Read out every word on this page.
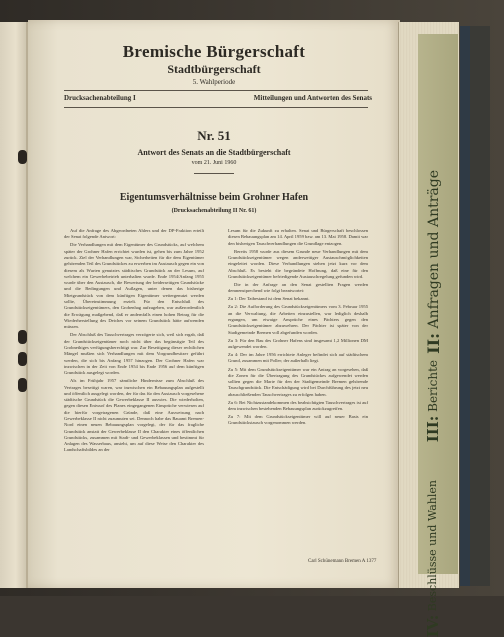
II: Anfragen und Anträge
III: Berichte
IV: Beschlüsse und Wahlen
Bremische Bürgerschaft
Stadtbürgerschaft
5. Wahlperiode
Drucksachenabteilung I	Mitteilungen und Antworten des Senats
Nr. 51
Antwort des Senats an die Stadtbürgerschaft
vom 21. Juni 1960
Eigentumsverhältnisse beim Grohner Hafen
(Drucksachenabteilung II Nr. 61)

Auf die Anfrage des Abgeordneten Ahlers und der DP-Fraktion erteilt der Senat folgende Antwort:

Die Verhandlungen mit dem Eigentümer des Grundstücks, auf welchem später der Grohner Hafen errichtet wurden ist, gehen bis zum Jahre 1952 zurück. Ziel der Verhandlungen war, Sicherheiten für die dem Eigentümer gehörenden Teil des Grundstückes zu erwerben im Austausch gegen ein von diesem als Wurten genutztes städtisches Grundstück an der Lesum, auf welchem ein Gewerbebetrieb unterhalten wurde. Ende 1954/Anfang 1955 wurde über den Austausch, die Bewertung der beiderseitigen Grundstücke und die Bedingungen und Auflagen, unter denen das bisherige Mietgrundstück von dem künftigen Eigentümer weitergenutzt werden sollte, Übereinstimmung erzielt. Für den Entschluß des Grundstückseigentümers, den Grobenhag aufzugeben, war außerordentlich die Erwägung maßgebend, daß er andernfalls einen hohen Betrag für die Wiederherstellung des Deiches vor seinem Grundstück hätte aufwenden müssen.

Der Abschluß des Tauschvertrages verzögerte sich, weil sich ergab, daß der Grundstückseigentümer noch nicht über das begünstigte Teil des Grobnethiges verfügungsberechtigt war. Zur Beseitigung dieser rechtlichen Mängel mußten sich Verhandlungen mit dem Vorgrundbesitzer geführt werden, die sich bis Anfang 1957 hinzogen. Der Grohner Hafen war inzwischen in der Zeit von Ende 1954 bis Ende 1956 auf dem künftigen Grundstück ausgelegt worden.

Als im Frühjahr 1957 sämtliche Hindernisse zum Abschluß des Vertrages beseitigt waren, war inzwischen ein Bebauungsplan aufgestellt und öffentlich ausgelegt worden, der für das für den Austausch vorgesehene städtische Grundstück die Gewerbeklasse II auswies. Die wiederholten, gegen diesen Entwurf des Planes eingegangenen Einsprüche verwiesen auf die hierfür vorgetragenen Gründe, daß eine Ausweisung nach Gewerbeklasse II nicht zuzumuten sei. Dennoch habe das Bauamt Bremen-Nord einen neuen Bebauungsplan vorgelegt, der für das fragliche Grundstück anstatt der Gewerbeklasse II den Charakter eines öffentlichen Grundstücks, zusammen mit Stadt- und Gewerbeklassen und bestimmt für Anlagen des Wasserbaus, ansieht, um auf diese Weise den Charakter des Landschaftsbildes an der

Lesum für die Zukunft zu erhalten. Senat und Bürgerschaft beschlossen diesen Bebauungsplan am 14. April 1959 bzw. am 13. Mai 1958. Damit war den bisherigen Tauschverhandlungen die Grundlage entzogen.

Bereits 1958 wurde aus diesem Grunde neue Verhandlungen mit dem Grundstückseigentümer wegen anderweitiger Austauschmöglichkeiten eingeleitet worden. Diese Verhandlungen stehen jetzt kurz vor dem Abschluß. Es besteht die begründete Hoffnung, daß eine für den Grundstückseigentümer befriedigende Austauschregelung gefunden wird.

Die in der Anfrage an den Senat gestellten Fragen werden demnenstprechend wie folgt beantwortet:

Zu 1: Der Tatbestand ist dem Senat bekannt.

Zu 2: Die Aufforderung des Grundstückseigentümers vom 3. Februar 1955 an die Verwaltung, die Arbeiten einzustellen, war lediglich deshalb ergangen, um etwaige Ansprüche eines Pächters gegen den Grundstückseigentümer abzuwehren. Der Pächter ist später von der Stadtgemeinde Bremen voll abgefunden worden.

Zu 3: Für den Bau des Grohner Hafens sind insgesamt 1,2 Millionen DM aufgewendet worden.

Zu 4: Der im Jahre 1956 errichtete Anleger befindet sich auf städtischem Grund, zusammen mit Poller; der außerhalb liegt.

Zu 5: Mit dem Grundstückseigentümer war ein Antrag an vorgesehen, daß die Zonen für die Übertragung des Grundstückes aufgewendet werden sollten gegen die Marie für den der Stadtgemeinde Bremen gehörende Tauschgrundstück. Die Entschädigung wird bei Durchführung des jetzt neu abzuschließenden Tauschvertrages zu erfolgen haben.

Zu 6: Bei Nichtzustandekommen des beabsichtigten Tauschvertrages ist auf dem inzwischen bestehenden Bebauungsplan zurückzugreifen.

Zu 7: Mit dem Grundstückseigentümer will auf neuer Basis ein Grundstückstausch vorgenommen werden.

Carl Schünemann Bremen A 1377
